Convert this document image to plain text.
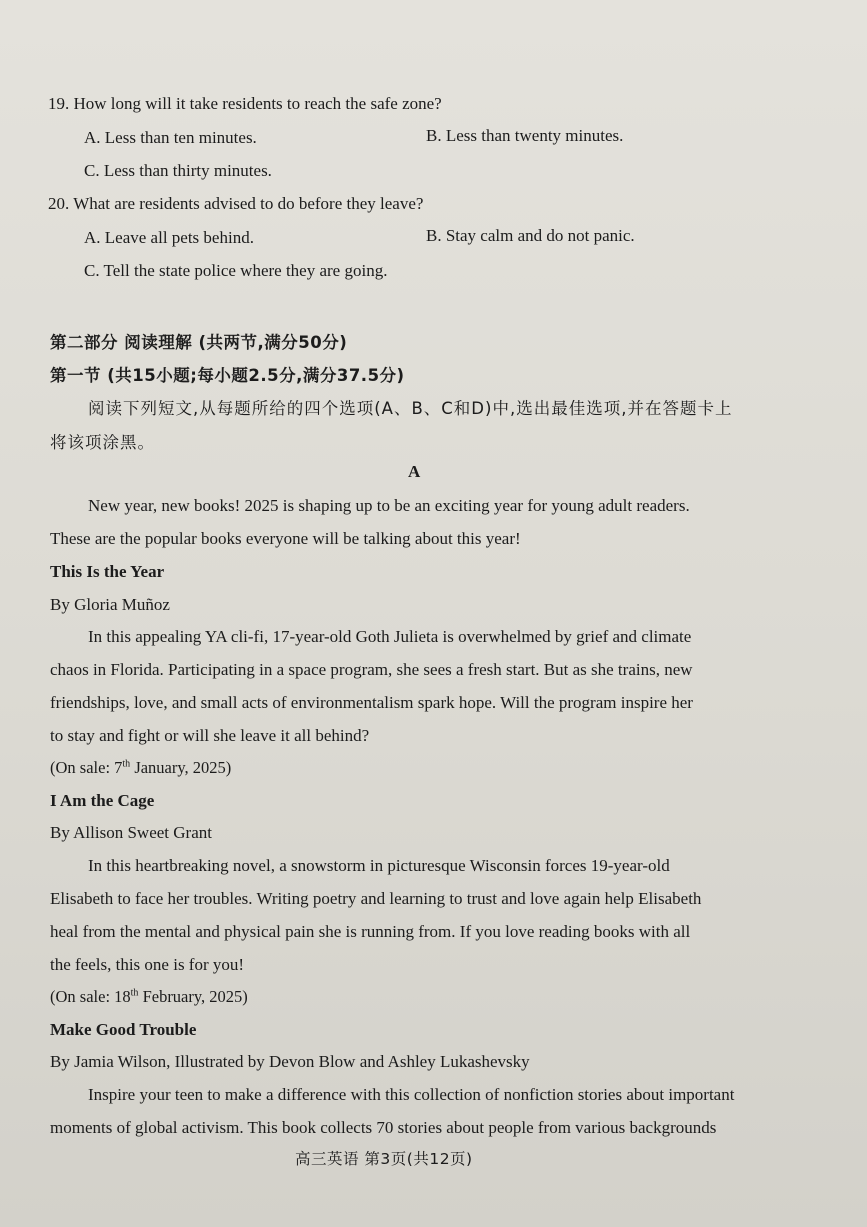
19. How long will it take residents to reach the safe zone?
A. Less than ten minutes.	B. Less than twenty minutes.
C. Less than thirty minutes.
20. What are residents advised to do before they leave?
A. Leave all pets behind.	B. Stay calm and do not panic.
C. Tell the state police where they are going.
第二部分 阅读理解 (共两节,满分50分)
第一节 (共15小题;每小题2.5分,满分37.5分)
阅读下列短文,从每题所给的四个选项(A、B、C和D)中,选出最佳选项,并在答题卡上
将该项涂黑。
A
New year, new books! 2025 is shaping up to be an exciting year for young adult readers.
These are the popular books everyone will be talking about this year!
This Is the Year
By Gloria Muñoz
In this appealing YA cli-fi, 17-year-old Goth Julieta is overwhelmed by grief and climate
chaos in Florida. Participating in a space program, she sees a fresh start. But as she trains, new
friendships, love, and small acts of environmentalism spark hope. Will the program inspire her
to stay and fight or will she leave it all behind?
(On sale: 7th January, 2025)
I Am the Cage
By Allison Sweet Grant
In this heartbreaking novel, a snowstorm in picturesque Wisconsin forces 19-year-old
Elisabeth to face her troubles. Writing poetry and learning to trust and love again help Elisabeth
heal from the mental and physical pain she is running from. If you love reading books with all
the feels, this one is for you!
(On sale: 18th February, 2025)
Make Good Trouble
By Jamia Wilson, Illustrated by Devon Blow and Ashley Lukashevsky
Inspire your teen to make a difference with this collection of nonfiction stories about important
moments of global activism. This book collects 70 stories about people from various backgrounds
高三英语 第3页(共12页)
